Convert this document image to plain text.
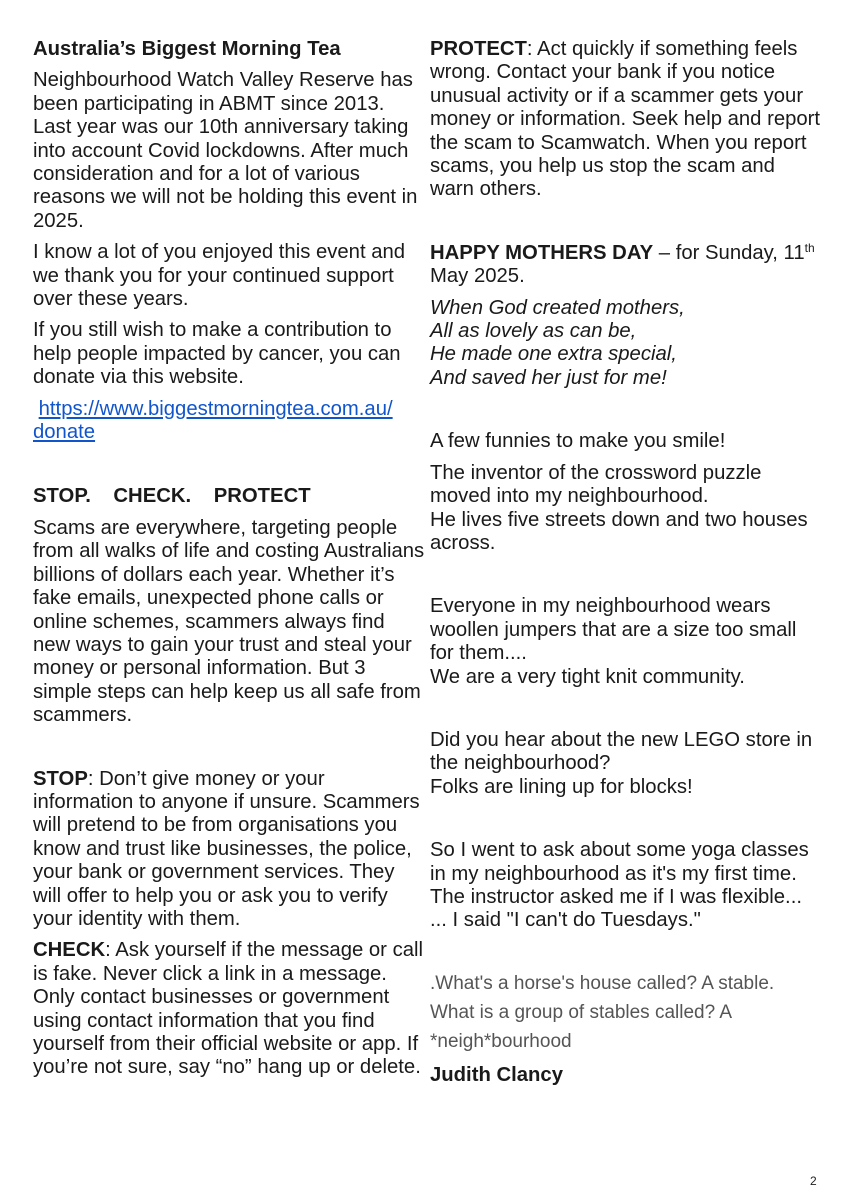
Australia’s Biggest Morning Tea

Neighbourhood Watch Valley Reserve has been participating in ABMT since 2013. Last year was our 10th anniversary taking into account Covid lockdowns. After much consideration and for a lot of various reasons we will not be holding this event in 2025.

I know a lot of you enjoyed this event and we thank you for your continued support over these years.

If you still wish to make a contribution to help people impacted by cancer, you can donate via this website.

https://www.biggestmorningtea.com.au/
donate

STOP.    CHECK.    PROTECT

Scams are everywhere, targeting people from all walks of life and costing Australians billions of dollars each year. Whether it’s fake emails, unexpected phone calls or online schemes, scammers always find new ways to gain your trust and steal your money or personal information. But 3 simple steps can help keep us all safe from scammers.

STOP: Don’t give money or your information to anyone if unsure. Scammers will pretend to be from organisations you know and trust like businesses, the police, your bank or government services. They will offer to help you or ask you to verify your identity with them.

CHECK: Ask yourself if the message or call is fake. Never click a link in a message. Only contact businesses or government using contact information that you find yourself from their official website or app. If you’re not sure, say “no” hang up or delete.

PROTECT: Act quickly if something feels wrong. Contact your bank if you notice unusual activity or if a scammer gets your money or information. Seek help and report the scam to Scamwatch. When you report scams, you help us stop the scam and warn others.

HAPPY MOTHERS DAY – for Sunday, 11th May 2025.

When God created mothers,

All as lovely as can be,

He made one extra special,

And saved her just for me!

A few funnies to make you smile!

The inventor of the crossword puzzle moved into my neighbourhood.

He lives five streets down and two houses across.

Everyone in my neighbourhood wears woollen jumpers that are a size too small for them....

We are a very tight knit community.

Did you hear about the new LEGO store in the neighbourhood?

Folks are lining up for blocks!

So I went to ask about some yoga classes in my neighbourhood as it's my first time. The instructor asked me if I was flexible...

... I said "I can't do Tuesdays."

.What's a horse's house called? A stable.

What is a group of stables called? A *neigh*bourhood

Judith Clancy

2
